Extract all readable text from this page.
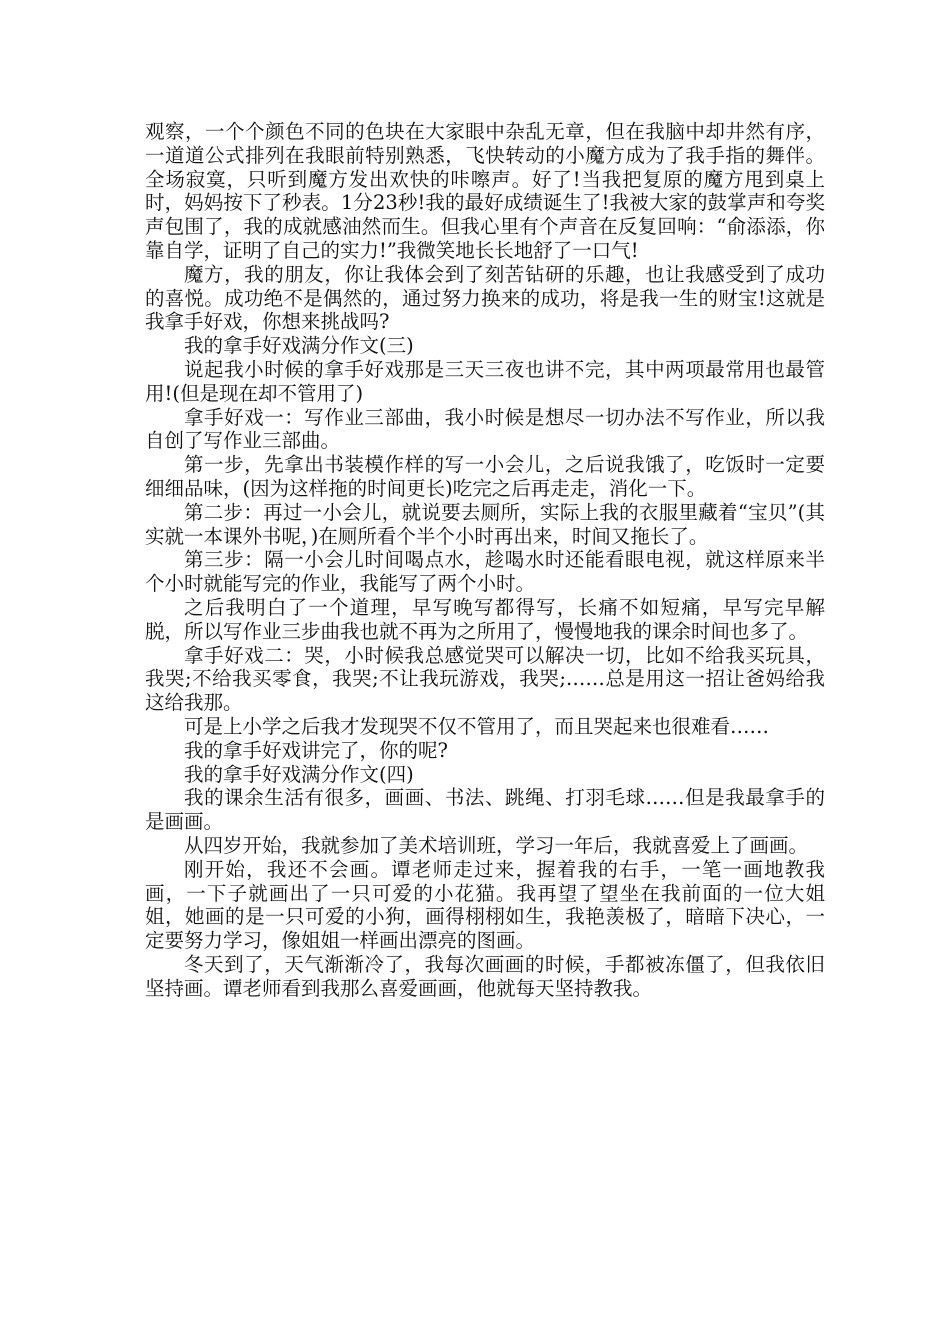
观察，一个个颜色不同的色块在大家眼中杂乱无章，但在我脑中却井然有序，一道道公式排列在我眼前特别熟悉，飞快转动的小魔方成为了我手指的舞伴。全场寂寞，只听到魔方发出欢快的咔嚓声。好了!当我把复原的魔方甩到桌上时，妈妈按下了秒表。1分23秒!我的最好成绩诞生了!我被大家的鼓掌声和夸奖声包围了，我的成就感油然而生。但我心里有个声音在反复回响：“俞添添，你靠自学，证明了自己的实力!”我微笑地长长地舒了一口气!

魔方，我的朋友，你让我体会到了刻苦钻研的乐趣，也让我感受到了成功的喜悦。成功绝不是偶然的，通过努力换来的成功，将是我一生的财宝!这就是我拿手好戏，你想来挑战吗?

我的拿手好戏满分作文(三)

说起我小时候的拿手好戏那是三天三夜也讲不完，其中两项最常用也最管用!(但是现在却不管用了)

拿手好戏一：写作业三部曲，我小时候是想尽一切办法不写作业，所以我自创了写作业三部曲。

第一步，先拿出书装模作样的写一小会儿，之后说我饿了，吃饭时一定要细细品味，(因为这样拖的时间更长)吃完之后再走走，消化一下。

第二步：再过一小会儿，就说要去厕所，实际上我的衣服里藏着“宝贝”(其实就一本课外书呢，)在厕所看个半个小时再出来，时间又拖长了。

第三步：隔一小会儿时间喝点水，趁喝水时还能看眼电视，就这样原来半个小时就能写完的作业，我能写了两个小时。

之后我明白了一个道理，早写晚写都得写，长痛不如短痛，早写完早解脱，所以写作业三步曲我也就不再为之所用了，慢慢地我的课余时间也多了。

拿手好戏二：哭，小时候我总感觉哭可以解决一切，比如不给我买玩具，我哭;不给我买零食，我哭;不让我玩游戏，我哭;……总是用这一招让爸妈给我这给我那。

可是上小学之后我才发现哭不仅不管用了，而且哭起来也很难看……

我的拿手好戏讲完了，你的呢?

我的拿手好戏满分作文(四)

我的课余生活有很多，画画、书法、跳绳、打羽毛球……但是我最拿手的是画画。

从四岁开始，我就参加了美术培训班，学习一年后，我就喜爱上了画画。

刚开始，我还不会画。谭老师走过来，握着我的右手，一笔一画地教我画，一下子就画出了一只可爱的小花猫。我再望了望坐在我前面的一位大姐姐，她画的是一只可爱的小狗，画得栩栩如生，我艳羡极了，暗暗下决心，一定要努力学习，像姐姐一样画出漂亮的图画。

冬天到了，天气渐渐冷了，我每次画画的时候，手都被冻僵了，但我依旧坚持画。谭老师看到我那么喜爱画画，他就每天坚持教我。
